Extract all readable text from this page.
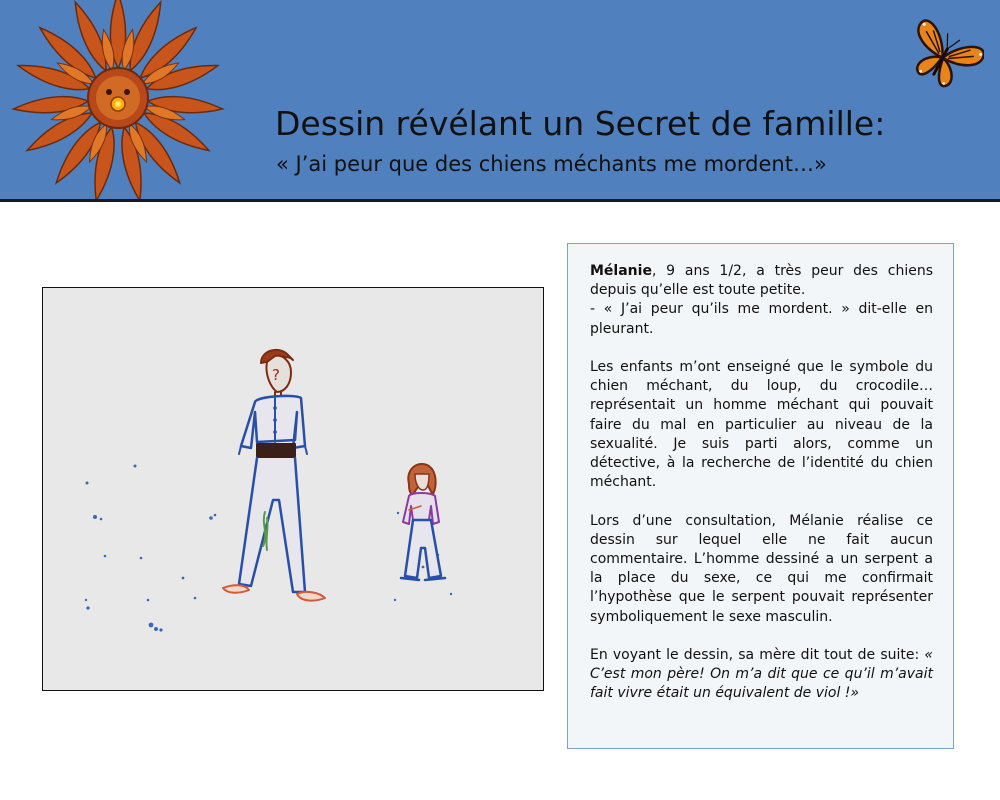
Dessin révélant un Secret de famille:
« J’ai peur que des chiens méchants me mordent…»
?

Mélanie, 9 ans 1/2, a très peur des chiens depuis qu’elle est toute petite.
- « J’ai peur qu’ils me mordent. » dit-elle en pleurant.

Les enfants m’ont enseigné que le symbole du chien méchant, du loup, du crocodile… représentait un homme méchant qui pouvait faire du mal en particulier au niveau de la sexualité. Je suis parti alors, comme un détective, à la recherche de l’identité du chien méchant.

Lors d’une consultation, Mélanie réalise ce dessin sur lequel elle ne fait aucun commentaire. L’homme dessiné a un serpent a la place du sexe, ce qui me confirmait l’hypothèse que le serpent pouvait représenter symboliquement le sexe masculin.

En voyant le dessin, sa mère dit tout de suite: « C’est mon père! On m’a dit que ce qu’il m’avait fait vivre était un équivalent de viol !»
